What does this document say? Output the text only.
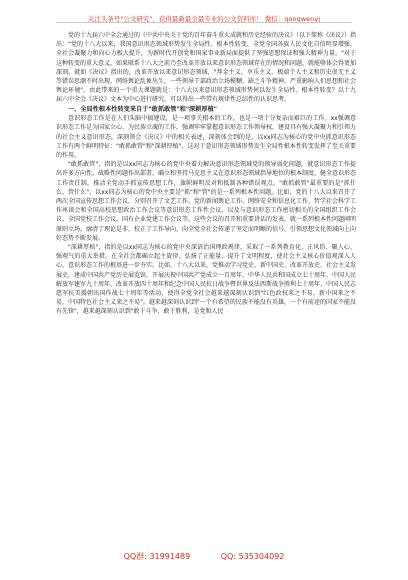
关注头条号"公文研究"，获得最新最全最专业的公文资料库！ 微信：gongwenyj

党的十九届六中全会通过的《中共中央关于党的百年奋斗重大成就和历史经验的决议》（以下简称《决议》）指出："党的十八大以来，我国意识形态领域形势发生全局性、根本性转变，全党全国各族人民文化自信明显增强，全社会凝聚力和向心力极大提升，为新时代开创党和国家事业新局面提供了坚强思想保证和强大精神力量。"对于这种转变的重大意义，如果联系十八大之前乃至改革开放以来意识形态领域存在的情况和问题，就能够体会得更加深刻。就如《决议》指出的，改革开放以来意识形态领域，"拜金主义、享乐主义、极端个人主义和历史虚无主义等错误思潮不时出现，网络舆论乱象丛生，一些领导干部政治立场模糊、缺乏斗争精神，严重影响人们思想和社会舆论环境"。由此带来的一个重大课题就是：十八大以来意识形态领域形势何以发生全局性、根本性转变？以十九届六中全会《决议》文本为中心进行研究，可以得出一些带有规律性总结性的认识思考。

一、全局性根本性转变来自于"敢抓敢管"和"深耕厚植"

意识形态工作是在人们头脑中搞建设，是一项事关根本的工作，也是一项十分复杂而艰巨的工作。xx强调意识形态工作是为国家立心、为民族立魂的工作，强调牢牢掌握意识形态工作领导权，建设具有强大凝聚力和引领力的社会主义意识形态。深刻领会《决议》中的相关表述，深刻体会到的是，以xx同志为核心的党中央抓意识形态工作有两个鲜明特征："敢抓敢管"和"深耕厚植"。这对于意识形态领域形势发生全局性根本性转变发挥了至关重要的作用。

"敢抓敢管"，指的是以xx同志为核心的党中央着力解决意识形态领域党的领导弱化问题，就意识形态工作提出许多方向性、战略性问题作出部署，确立和坚持马克思主义在意识形态领域指导地位的根本制度，健全意识形态工作责任制，推动全党动手抓宣传思想工作，旗帜鲜明反对和抵制各种错误观点。"敢抓敢管"最重要的是"抓什么、管什么"。以xx同志为核心的党中央主要是"抓"和"管"的是一系列根本性问题。比如，党的十八大以来召开了两次全国宣传思想工作会议，分别召开了文艺工作、党的新闻舆论工作、网络安全和信息化工作、哲学社会科学工作座谈会和全国高校思想政治工作会议等意识形态工作性会议，以及与意识形态工作密切相关的全国组织工作会议、全国党校工作会议、国有企业党建工作会议等。这些会议的召开和重要讲话的发表，就一系列根本性问题阐明原则立场，廓清了理论是非，校正了工作导向，向全党全社会传递了坚定而明晰的信号，引领思想文化领域向上向好态势不断发展。

"深耕厚植"，指的是以xx同志为核心的党中央深谙治国理政规律，采取了一系列教育化、正风俗、聚人心、强观气的重大举措，在全社会都确立起主旋律、弘扬了正能量、提升了文明程度，使社会主义核心价值观深入人心，意识形态工作的根基进一步夯实。比如，十八大以来，党推动学习党史、新中国史、改革开放史、社会主义发展史，建成中国共产党历史展览馆，开展庆祝中国共产党成立一百周年、中华人民共和国成立七十周年、中国人民解放军建军九十周年、改革开放四十周年和纪念中国人民抗日战争暨世界反法西斯战争胜利七十周年、中国人民志愿军抗美援朝出国作战七十周年等活动，使得全党全社会越来越深刻认识到"红色政权来之不易，新中国来之不易，中国特色社会主义来之不易"。越来越深刻认识到"一个有希望的民族不能没有英雄，一个有前途的国家不能没有先锋"，越来越深刻认识到"敢于斗争、敢于胜利，是党和人民

QQ群: 31991489	QQ: 535304092
